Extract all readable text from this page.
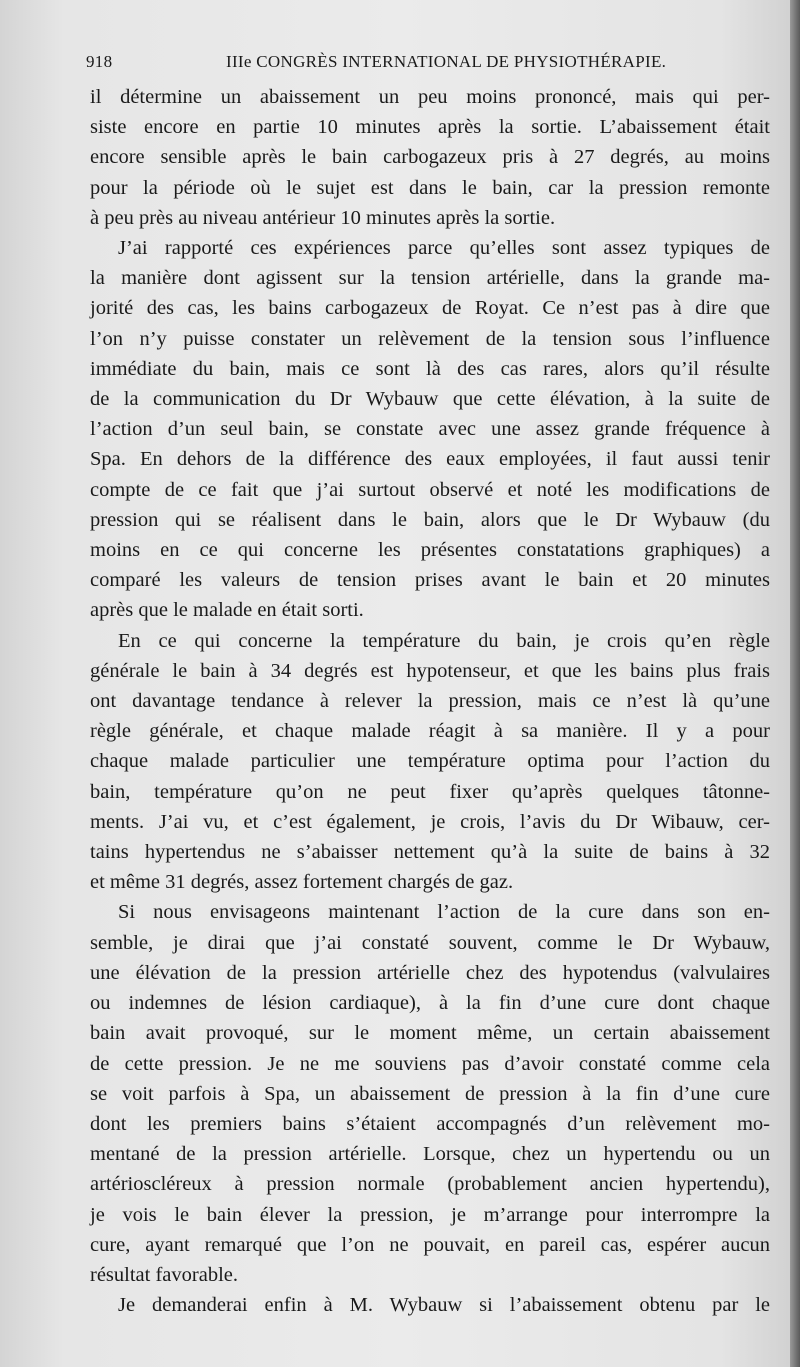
918	IIIe CONGRÈS INTERNATIONAL DE PHYSIOTHÉRAPIE.
il détermine un abaissement un peu moins prononcé, mais qui per-
siste encore en partie 10 minutes après la sortie. L’abaissement était
encore sensible après le bain carbogazeux pris à 27 degrés, au moins
pour la période où le sujet est dans le bain, car la pression remonte
à peu près au niveau antérieur 10 minutes après la sortie.
J’ai rapporté ces expériences parce qu’elles sont assez typiques de
la manière dont agissent sur la tension artérielle, dans la grande ma-
jorité des cas, les bains carbogazeux de Royat. Ce n’est pas à dire que
l’on n’y puisse constater un relèvement de la tension sous l’influence
immédiate du bain, mais ce sont là des cas rares, alors qu’il résulte
de la communication du Dr Wybauw que cette élévation, à la suite de
l’action d’un seul bain, se constate avec une assez grande fréquence à
Spa. En dehors de la différence des eaux employées, il faut aussi tenir
compte de ce fait que j’ai surtout observé et noté les modifications de
pression qui se réalisent dans le bain, alors que le Dr Wybauw (du
moins en ce qui concerne les présentes constatations graphiques) a
comparé les valeurs de tension prises avant le bain et 20 minutes
après que le malade en était sorti.
En ce qui concerne la température du bain, je crois qu’en règle
générale le bain à 34 degrés est hypotenseur, et que les bains plus frais
ont davantage tendance à relever la pression, mais ce n’est là qu’une
règle générale, et chaque malade réagit à sa manière. Il y a pour
chaque malade particulier une température optima pour l’action du
bain, température qu’on ne peut fixer qu’après quelques tâtonne-
ments. J’ai vu, et c’est également, je crois, l’avis du Dr Wibauw, cer-
tains hypertendus ne s’abaisser nettement qu’à la suite de bains à 32
et même 31 degrés, assez fortement chargés de gaz.
Si nous envisageons maintenant l’action de la cure dans son en-
semble, je dirai que j’ai constaté souvent, comme le Dr Wybauw,
une élévation de la pression artérielle chez des hypotendus (valvulaires
ou indemnes de lésion cardiaque), à la fin d’une cure dont chaque
bain avait provoqué, sur le moment même, un certain abaissement
de cette pression. Je ne me souviens pas d’avoir constaté comme cela
se voit parfois à Spa, un abaissement de pression à la fin d’une cure
dont les premiers bains s’étaient accompagnés d’un relèvement mo-
mentané de la pression artérielle. Lorsque, chez un hypertendu ou un
artérioscléreux à pression normale (probablement ancien hypertendu),
je vois le bain élever la pression, je m’arrange pour interrompre la
cure, ayant remarqué que l’on ne pouvait, en pareil cas, espérer aucun
résultat favorable.
Je demanderai enfin à M. Wybauw si l’abaissement obtenu par le
